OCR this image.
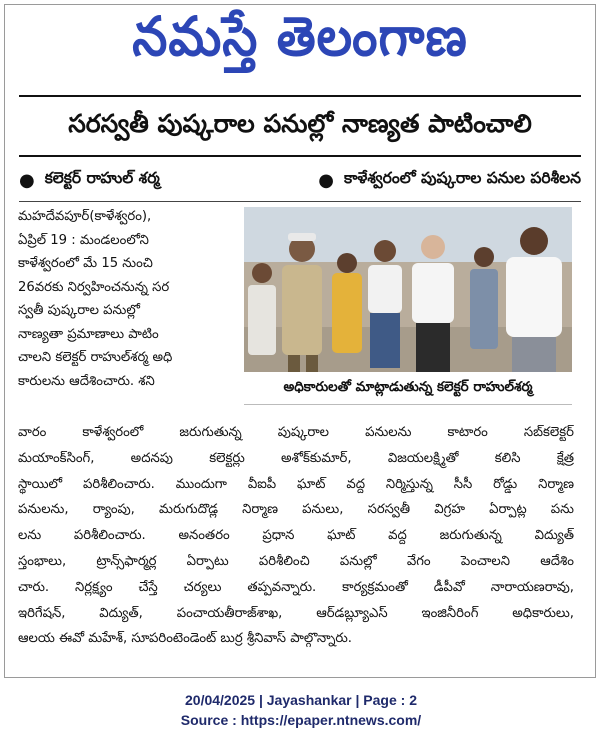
నమస్తే తెలంగాణ
సరస్వతీ పుష్కరాల పనుల్లో నాణ్యత పాటించాలి
● కలెక్టర్ రాహుల్ శర్మ	● కాళేశ్వరంలో పుష్కరాల పనుల పరిశీలన
మహదేవపూర్(కాళేశ్వరం),
ఏప్రిల్ 19 : మండలంలోని
కాళేశ్వరంలో మే 15 నుంచి
26వరకు నిర్వహించనున్న సర
స్వతీ పుష్కరాల పనుల్లో
నాణ్యతా ప్రమాణాలు పాటిం
చాలని కలెక్టర్ రాహుల్‌శర్మ అధి
కారులను ఆదేశించారు. శని	అధికారులతో మాట్లాడుతున్న కలెక్టర్ రాహుల్‌శర్మ
వారం కాళేశ్వరంలో జరుగుతున్న పుష్కరాల పనులను కాటారం సబ్‌కలెక్టర్
మయాంక్‌సింగ్, అదనపు కలెక్టర్లు అశోక్‌కుమార్, విజయలక్ష్మితో కలిసి క్షేత్ర
స్థాయిలో పరిశీలించారు. ముందుగా వీఐపీ ఘాట్ వద్ద నిర్మిస్తున్న సీసీ రోడ్డు నిర్మాణ
పనులను, ర్యాంపు, మరుగుదొడ్ల నిర్మాణ పనులు, సరస్వతీ విగ్రహ ఏర్పాట్ల పను
లను పరిశీలించారు. అనంతరం ప్రధాన ఘాట్ వద్ద జరుగుతున్న విద్యుత్
స్తంభాలు, ట్రాన్స్‌ఫార్మర్ల ఏర్పాటు పరిశీలించి పనుల్లో వేగం పెంచాలని ఆదేశిం
చారు. నిర్లక్ష్యం చేస్తే చర్యలు తప్పవన్నారు. కార్యక్రమంతో డీపీవో నారాయణరావు,
ఇరిగేషన్, విద్యుత్, పంచాయతీరాజ్‌శాఖ, ఆర్‌డబ్ల్యూఎస్ ఇంజినీరింగ్ అధికారులు,
ఆలయ ఈవో మహేశ్, సూపరింటెండెంట్ బుర్ర శ్రీనివాస్ పాల్గొన్నారు.
20/04/2025 | Jayashankar | Page : 2
Source : https://epaper.ntnews.com/
